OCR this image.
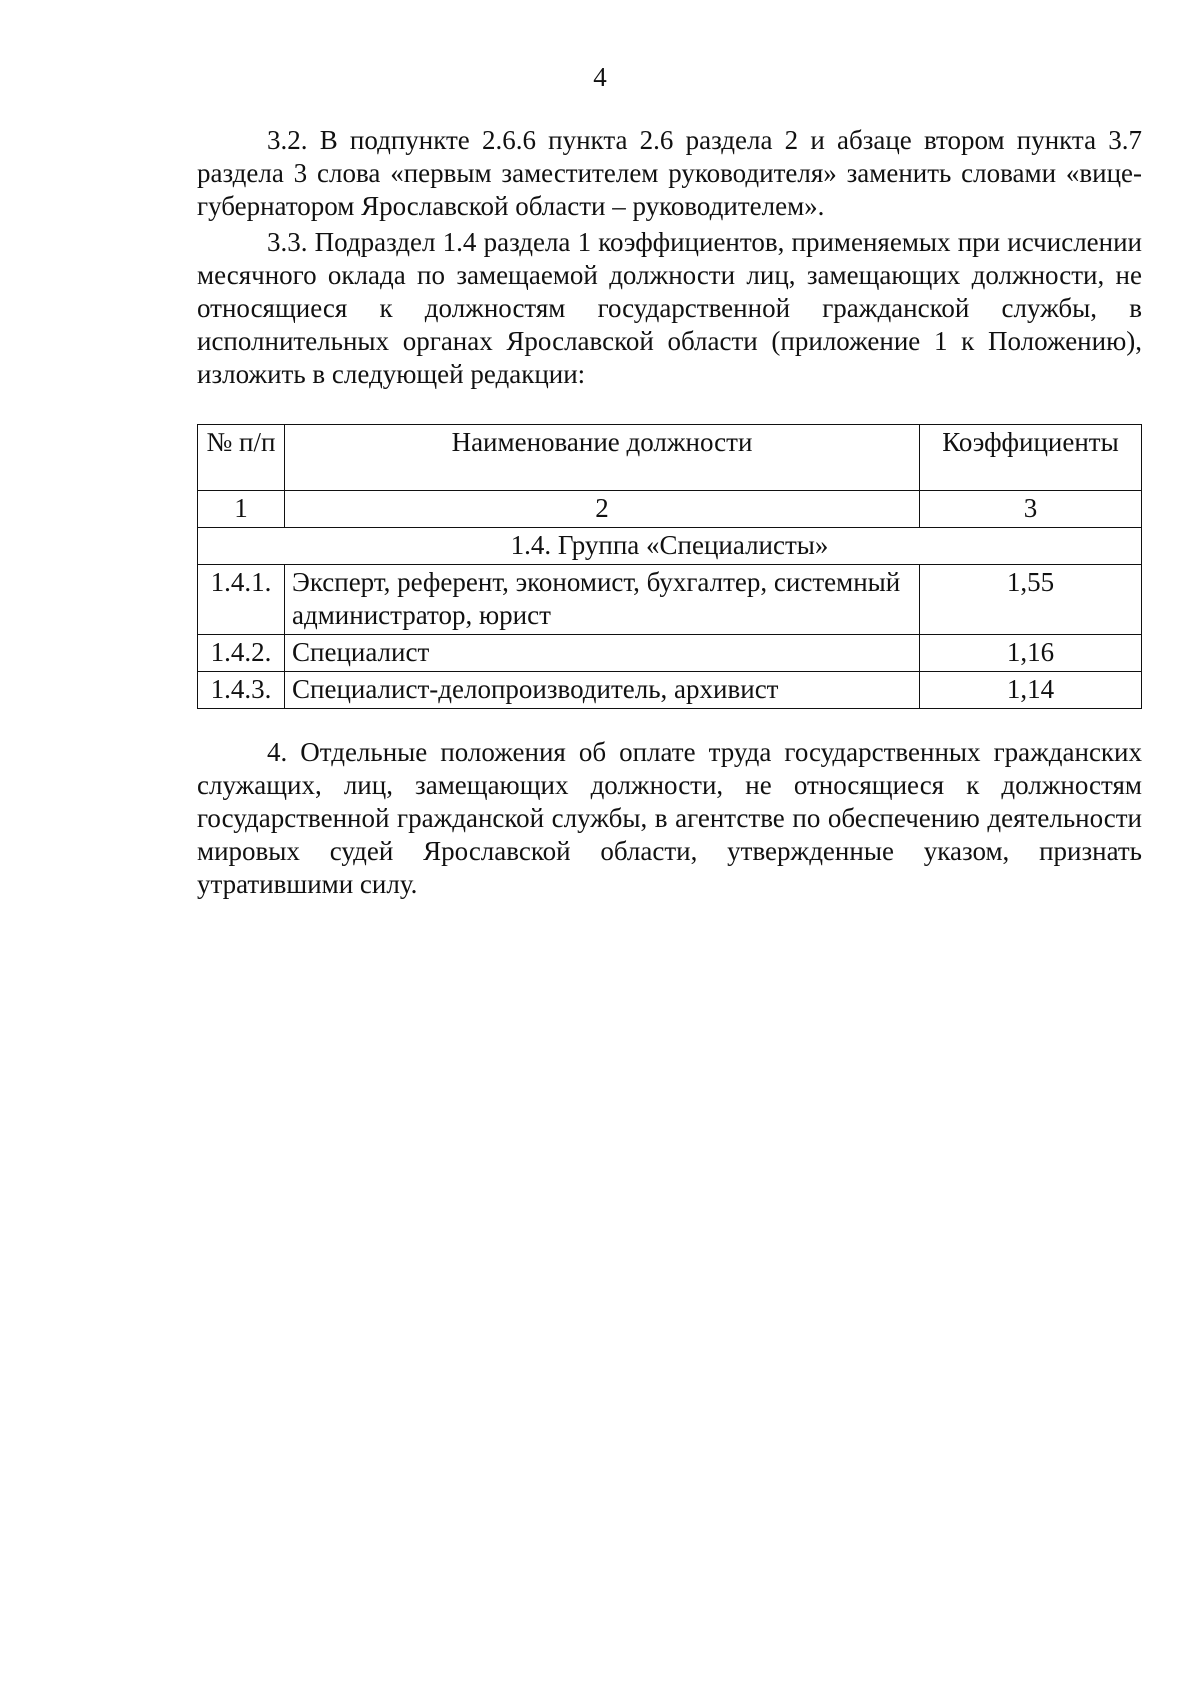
4

3.2. В подпункте 2.6.6 пункта 2.6 раздела 2 и абзаце втором пункта 3.7 раздела 3 слова «первым заместителем руководителя» заменить словами «вице-губернатором Ярославской области – руководителем».

3.3. Подраздел 1.4 раздела 1 коэффициентов, применяемых при исчислении месячного оклада по замещаемой должности лиц, замещающих должности, не относящиеся к должностям государственной гражданской службы, в исполнительных органах Ярославской области (приложение 1 к Положению), изложить в следующей редакции:

№ п/п	Наименование должности	Коэффициенты
1	2	3
1.4. Группа «Специалисты»		
1.4.1.	Эксперт, референт, экономист, бухгалтер, системный администратор, юрист	1,55
1.4.2.	Специалист	1,16
1.4.3.	Специалист-делопроизводитель, архивист	1,14

4. Отдельные положения об оплате труда государственных гражданских служащих, лиц, замещающих должности, не относящиеся к должностям государственной гражданской службы, в агентстве по обеспечению деятельности мировых судей Ярославской области, утвержденные указом, признать утратившими силу.
